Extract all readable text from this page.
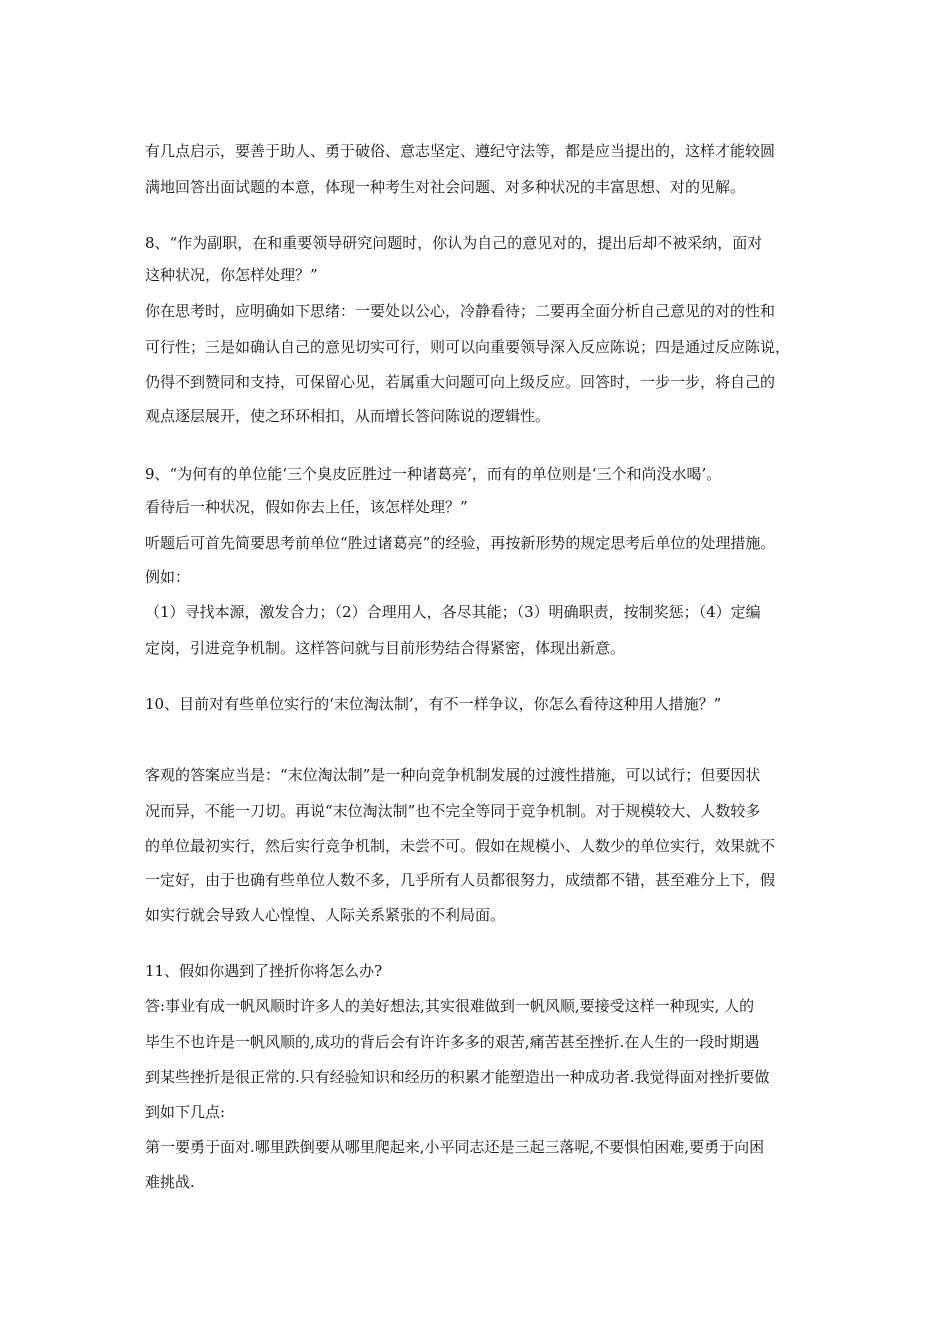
有几点启示，要善于助人、勇于破俗、意志坚定、遵纪守法等，都是应当提出的，这样才能较圆
满地回答出面试题的本意，体现一种考生对社会问题、对多种状况的丰富思想、对的见解。
8、“作为副职，在和重要领导研究问题时，你认为自己的意见对的，提出后却不被采纳，面对
这种状况，你怎样处理？”
你在思考时，应明确如下思绪：一要处以公心，冷静看待；二要再全面分析自己意见的对的性和
可行性；三是如确认自己的意见切实可行，则可以向重要领导深入反应陈说；四是通过反应陈说，
仍得不到赞同和支持，可保留心见，若属重大问题可向上级反应。回答时，一步一步，将自己的
观点逐层展开，使之环环相扣，从而增长答问陈说的逻辑性。
9、“为何有的单位能‘三个臭皮匠胜过一种诸葛亮’，而有的单位则是‘三个和尚没水喝’。
看待后一种状况，假如你去上任，该怎样处理？”
听题后可首先简要思考前单位“胜过诸葛亮”的经验，再按新形势的规定思考后单位的处理措施。
例如：
（1）寻找本源，激发合力；（2）合理用人，各尽其能；（3）明确职责，按制奖惩；（4）定编
定岗，引进竞争机制。这样答问就与目前形势结合得紧密，体现出新意。
10、目前对有些单位实行的‘末位淘汰制’，有不一样争议，你怎么看待这种用人措施？”
客观的答案应当是：“末位淘汰制”是一种向竞争机制发展的过渡性措施，可以试行；但要因状
况而异，不能一刀切。再说“末位淘汰制”也不完全等同于竞争机制。对于规模较大、人数较多
的单位最初实行，然后实行竞争机制，未尝不可。假如在规模小、人数少的单位实行，效果就不
一定好，由于也确有些单位人数不多，几乎所有人员都很努力，成绩都不错，甚至难分上下，假
如实行就会导致人心惶惶、人际关系紧张的不利局面。
11、假如你遇到了挫折你将怎么办?
答:事业有成一帆风顺时许多人的美好想法,其实很难做到一帆风顺,要接受这样一种现实, 人的
毕生不也许是一帆风顺的,成功的背后会有许许多多的艰苦,痛苦甚至挫折.在人生的一段时期遇
到某些挫折是很正常的.只有经验知识和经历的积累才能塑造出一种成功者.我觉得面对挫折要做
到如下几点:
第一要勇于面对.哪里跌倒要从哪里爬起来,小平同志还是三起三落呢,不要惧怕困难,要勇于向困
难挑战.
